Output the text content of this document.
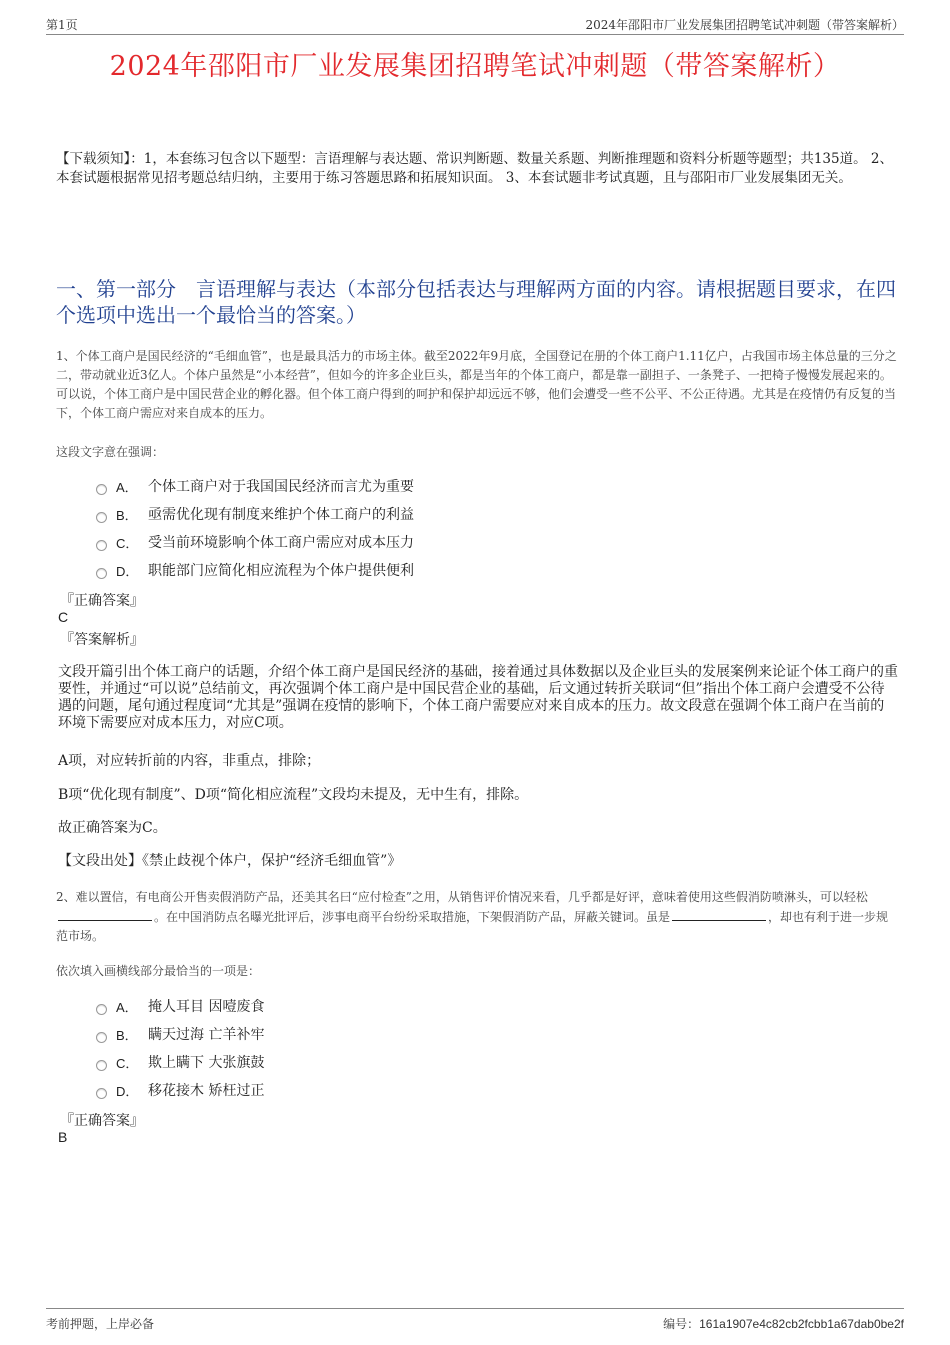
第1页	2024年邵阳市厂业发展集团招聘笔试冲刺题（带答案解析）
2024年邵阳市厂业发展集团招聘笔试冲刺题（带答案解析）
【下载须知】：1，本套练习包含以下题型：言语理解与表达题、常识判断题、数量关系题、判断推理题和资料分析题等题型；共135道。 2、本套试题根据常见招考题总结归纳，主要用于练习答题思路和拓展知识面。 3、本套试题非考试真题，且与邵阳市厂业发展集团无关。
一、第一部分　言语理解与表达（本部分包括表达与理解两方面的内容。请根据题目要求，在四个选项中选出一个最恰当的答案。）
1、个体工商户是国民经济的“毛细血管”，也是最具活力的市场主体。截至2022年9月底，全国登记在册的个体工商户1.11亿户，占我国市场主体总量的三分之二，带动就业近3亿人。个体户虽然是“小本经营”，但如今的许多企业巨头，都是当年的个体工商户，都是靠一副担子、一条凳子、一把椅子慢慢发展起来的。可以说，个体工商户是中国民营企业的孵化器。但个体工商户得到的呵护和保护却远远不够，他们会遭受一些不公平、不公正待遇。尤其是在疫情仍有反复的当下，个体工商户需应对来自成本的压力。
这段文字意在强调：
A． 个体工商户对于我国国民经济而言尤为重要
B． 亟需优化现有制度来维护个体工商户的利益
C． 受当前环境影响个体工商户需应对成本压力
D． 职能部门应简化相应流程为个体户提供便利
『正确答案』
C
『答案解析』
文段开篇引出个体工商户的话题，介绍个体工商户是国民经济的基础，接着通过具体数据以及企业巨头的发展案例来论证个体工商户的重要性，并通过“可以说”总结前文，再次强调个体工商户是中国民营企业的基础，后文通过转折关联词“但”指出个体工商户会遭受不公待遇的问题，尾句通过程度词“尤其是”强调在疫情的影响下，个体工商户需要应对来自成本的压力。故文段意在强调个体工商户在当前的环境下需要应对成本压力，对应C项。
A项，对应转折前的内容，非重点，排除；
B项“优化现有制度”、D项“简化相应流程”文段均未提及，无中生有，排除。
故正确答案为C。
【文段出处】《禁止歧视个体户，保护“经济毛细血管”》
2、难以置信，有电商公开售卖假消防产品，还美其名曰“应付检查”之用，从销售评价情况来看，几乎都是好评，意味着使用这些假消防喷淋头，可以轻松。在中国消防点名曝光批评后，涉事电商平台纷纷采取措施，下架假消防产品，屏蔽关键词。虽是	，却也有利于进一步规范市场。
依次填入画横线部分最恰当的一项是：
A． 掩人耳目 因噎废食
B． 瞒天过海 亡羊补牢
C． 欺上瞒下 大张旗鼓
D． 移花接木 矫枉过正
『正确答案』
B
考前押题，上岸必备	编号：161a1907e4c82cb2fcbb1a67dab0be2f
